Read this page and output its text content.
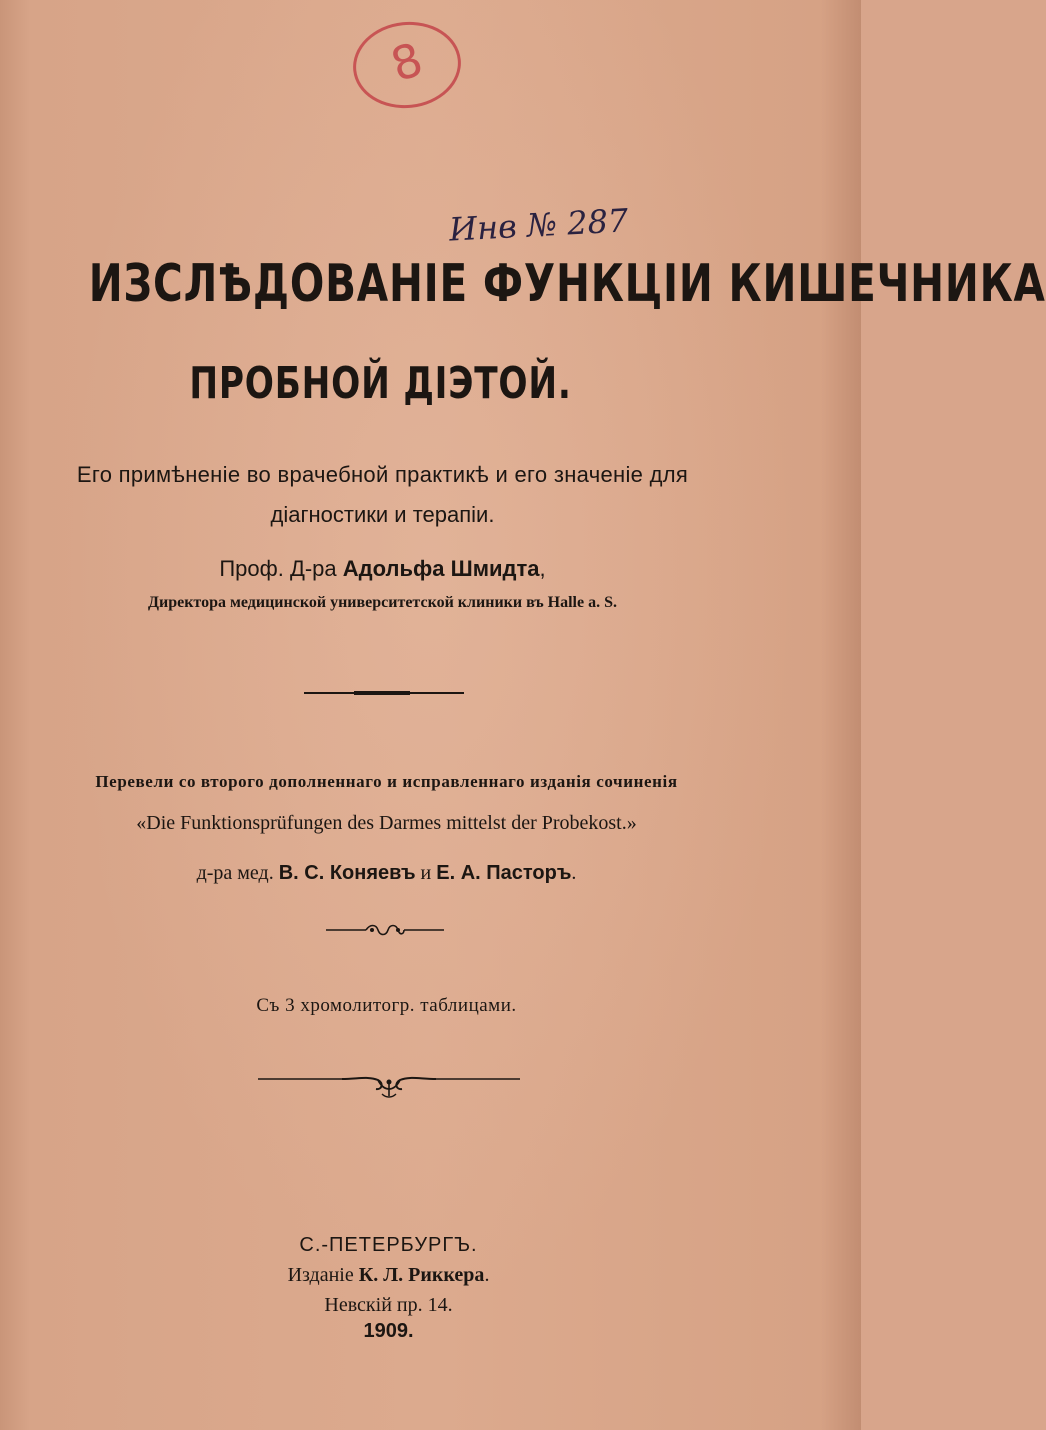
8
Инв № 287
ИЗСЛѢДОВАНІЕ ФУНКЦІИ КИШЕЧНИКА
ПРОБНОЙ ДІЭТОЙ.
Его примѣненіе во врачебной практикѣ и его значеніе для
діагностики и терапіи.
Проф. Д-ра Адольфа Шмидта,
Директора медицинской университетской клиники въ Halle a. S.
Перевели со второго дополненнаго и исправленнаго изданія сочиненія
«Die Funktionsprüfungen des Darmes mittelst der Probekost.»
д-ра мед. В. С. Коняевъ и Е. А. Пасторъ.
Съ 3 хромолитогр. таблицами.
С.-ПЕТЕРБУРГЪ.
Изданіе К. Л. Риккера.
Невскій пр. 14.
1909.
